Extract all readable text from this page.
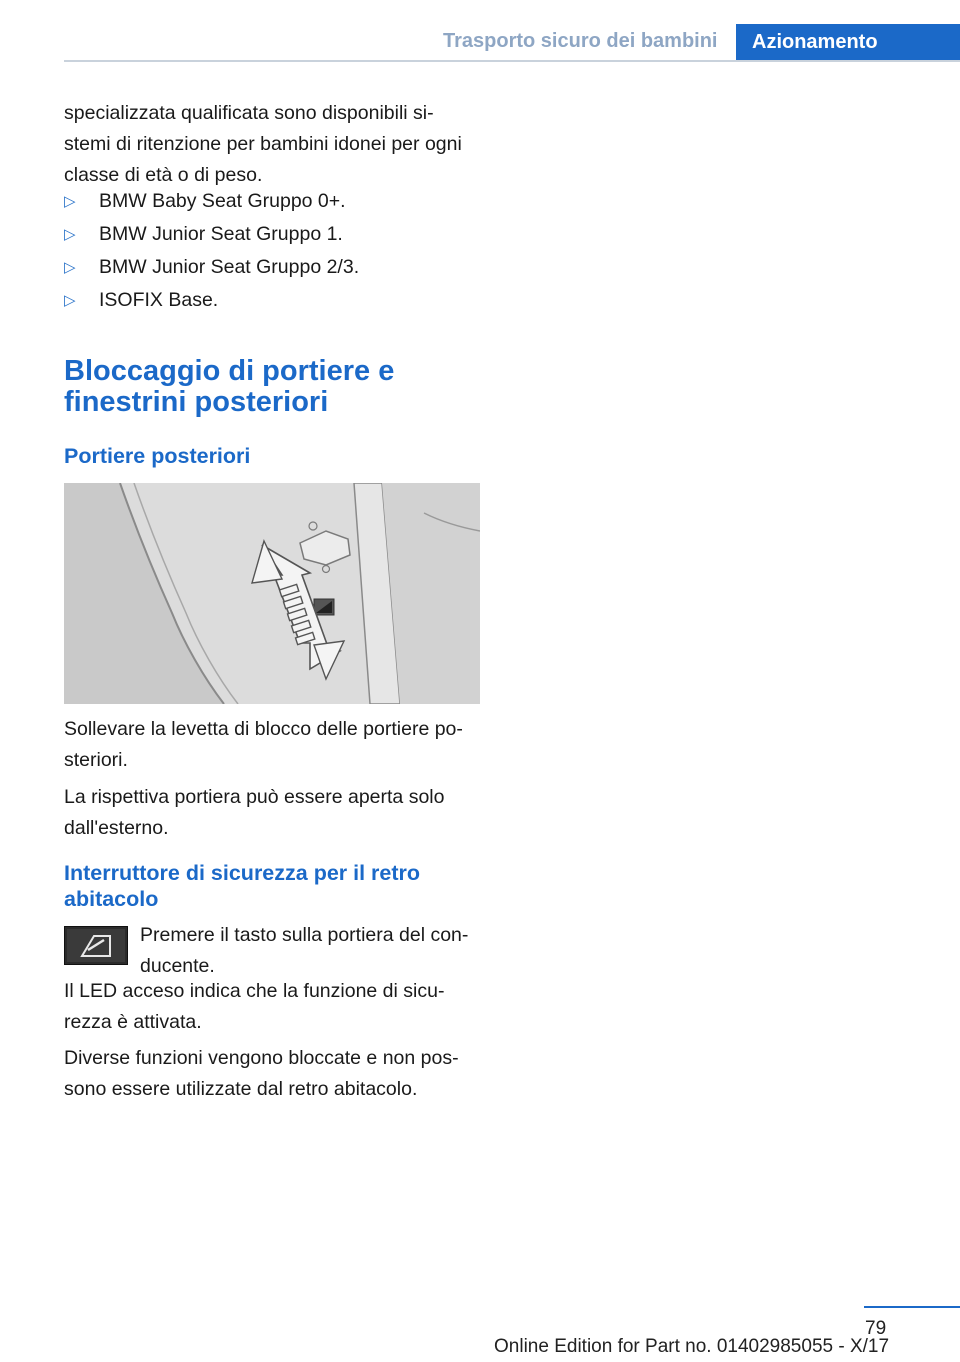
Trasporto sicuro dei bambini	Azionamento

specializzata qualificata sono disponibili si-

stemi di ritenzione per bambini idonei per ogni

classe di età o di peso.

▷ BMW Baby Seat Gruppo 0+.
▷ BMW Junior Seat Gruppo 1.
▷ BMW Junior Seat Gruppo 2/3.
▷ ISOFIX Base.
Bloccaggio di portiere e
finestrini posteriori
Portiere posteriori

Sollevare la levetta di blocco delle portiere po-

steriori.

La rispettiva portiera può essere aperta solo

dall'esterno.

Interruttore di sicurezza per il retro
abitacolo

Premere il tasto sulla portiera del con-

ducente.

Il LED acceso indica che la funzione di sicu-

rezza è attivata.

Diverse funzioni vengono bloccate e non pos-

sono essere utilizzate dal retro abitacolo.

79
Online Edition for Part no. 01402985055 - X/17
